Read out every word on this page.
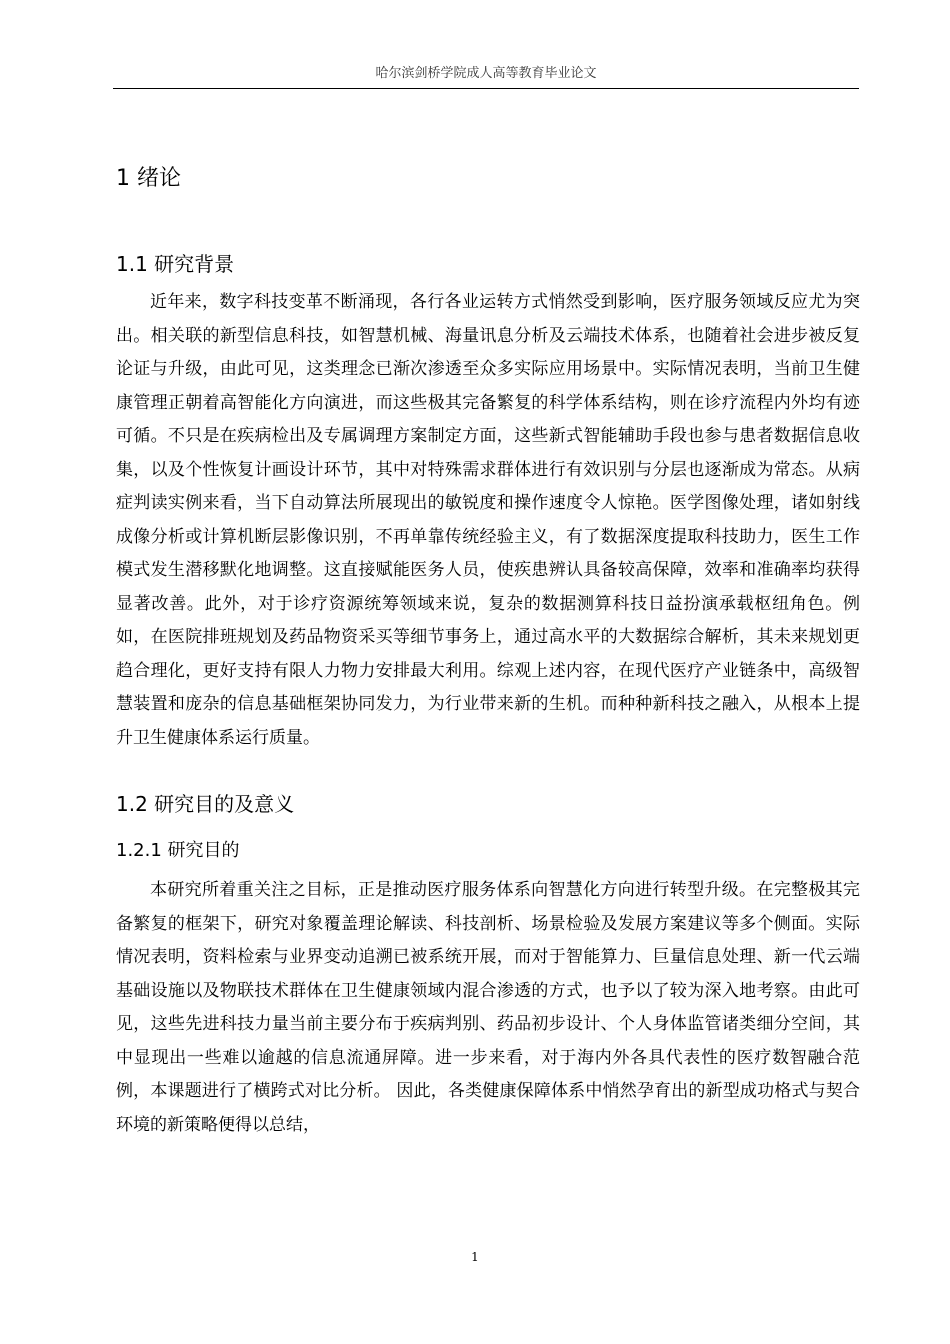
哈尔滨剑桥学院成人高等教育毕业论文
1 绪论
1.1 研究背景

近年来，数字科技变革不断涌现，各行各业运转方式悄然受到影响，医疗服务领域反应尤为突出。相关联的新型信息科技，如智慧机械、海量讯息分析及云端技术体系，也随着社会进步被反复论证与升级，由此可见，这类理念已渐次渗透至众多实际应用场景中。实际情况表明，当前卫生健康管理正朝着高智能化方向演进，而这些极其完备繁复的科学体系结构，则在诊疗流程内外均有迹可循。不只是在疾病检出及专属调理方案制定方面，这些新式智能辅助手段也参与患者数据信息收集，以及个性恢复计画设计环节，其中对特殊需求群体进行有效识别与分层也逐渐成为常态。从病症判读实例来看，当下自动算法所展现出的敏锐度和操作速度令人惊艳。医学图像处理，诸如射线成像分析或计算机断层影像识别，不再单靠传统经验主义，有了数据深度提取科技助力，医生工作模式发生潜移默化地调整。这直接赋能医务人员，使疾患辨认具备较高保障，效率和准确率均获得显著改善。此外，对于诊疗资源统筹领域来说，复杂的数据测算科技日益扮演承载枢纽角色。例如，在医院排班规划及药品物资采买等细节事务上，通过高水平的大数据综合解析，其未来规划更趋合理化，更好支持有限人力物力安排最大利用。综观上述内容，在现代医疗产业链条中，高级智慧装置和庞杂的信息基础框架协同发力，为行业带来新的生机。而种种新科技之融入，从根本上提升卫生健康体系运行质量。

1.2 研究目的及意义
1.2.1 研究目的

本研究所着重关注之目标，正是推动医疗服务体系向智慧化方向进行转型升级。在完整极其完备繁复的框架下，研究对象覆盖理论解读、科技剖析、场景检验及发展方案建议等多个侧面。实际情况表明，资料检索与业界变动追溯已被系统开展，而对于智能算力、巨量信息处理、新一代云端基础设施以及物联技术群体在卫生健康领域内混合渗透的方式，也予以了较为深入地考察。由此可见，这些先进科技力量当前主要分布于疾病判别、药品初步设计、个人身体监管诸类细分空间，其中显现出一些难以逾越的信息流通屏障。进一步来看，对于海内外各具代表性的医疗数智融合范例，本课题进行了横跨式对比分析。 因此，各类健康保障体系中悄然孕育出的新型成功格式与契合环境的新策略便得以总结，

1
